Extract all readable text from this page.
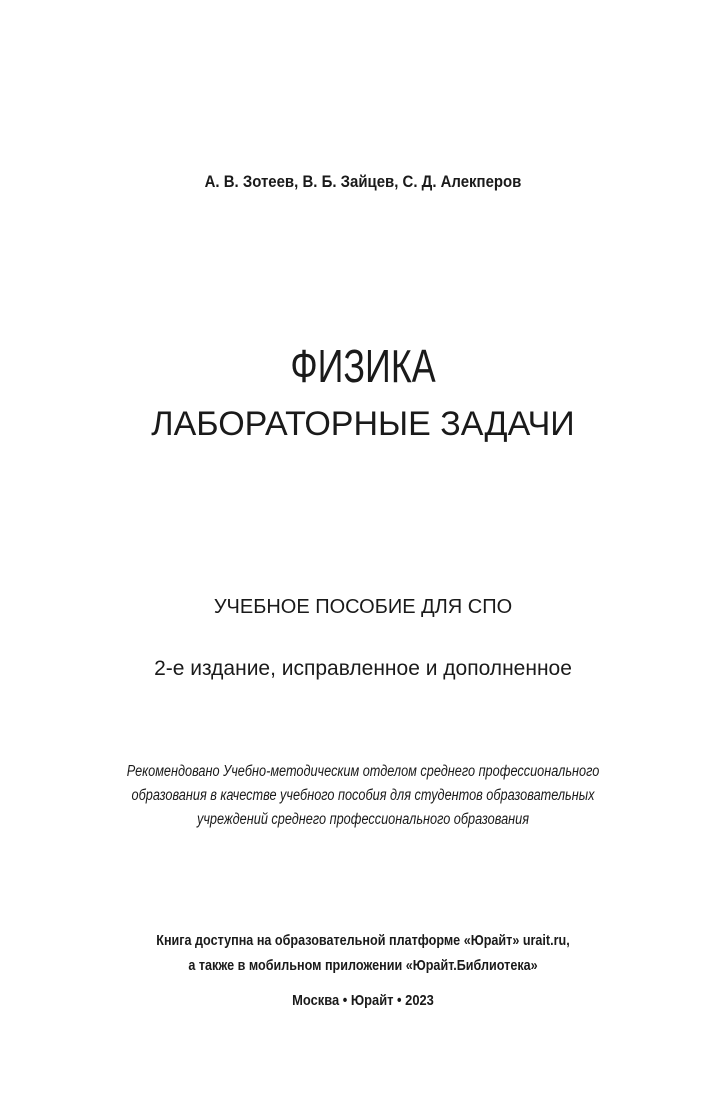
А. В. Зотеев, В. Б. Зайцев, С. Д. Алекперов
ФИЗИКА
ЛАБОРАТОРНЫЕ ЗАДАЧИ
УЧЕБНОЕ ПОСОБИЕ ДЛЯ СПО
2-е издание, исправленное и дополненное
Рекомендовано Учебно-методическим отделом среднего профессионального
образования в качестве учебного пособия для студентов образовательных
учреждений среднего профессионального образования
Книга доступна на образовательной платформе «Юрайт» urait.ru,
а также в мобильном приложении «Юрайт.Библиотека»
Москва • Юрайт • 2023
